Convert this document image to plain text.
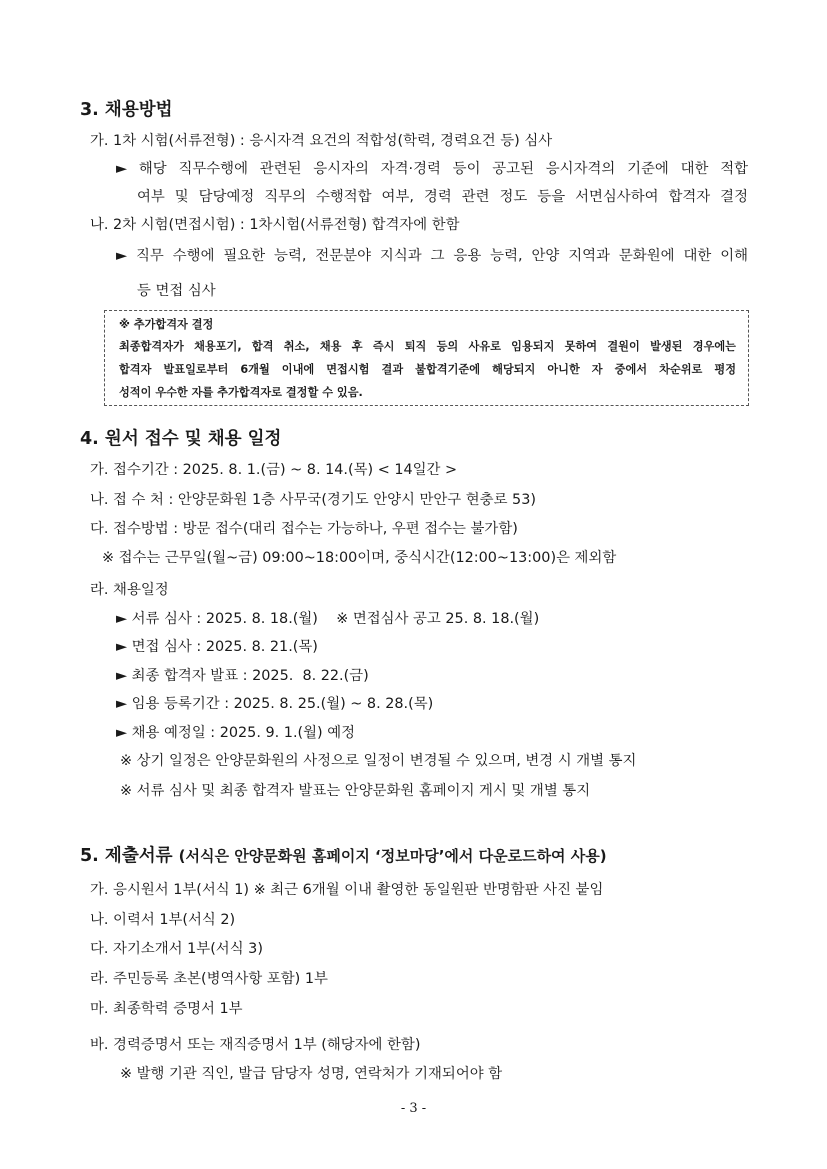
3. 채용방법
가. 1차 시험(서류전형) : 응시자격 요건의 적합성(학력, 경력요건 등) 심사
► 해당 직무수행에 관련된 응시자의 자격·경력 등이 공고된 응시자격의 기준에 대한 적합
여부 및 담당예정 직무의 수행적합 여부, 경력 관련 정도 등을 서면심사하여 합격자 결정
나. 2차 시험(면접시험) : 1차시험(서류전형) 합격자에 한함
► 직무 수행에 필요한 능력, 전문분야 지식과 그 응용 능력, 안양 지역과 문화원에 대한 이해
등 면접 심사
※ 추가합격자 결정
최종합격자가 채용포기, 합격 취소, 채용 후 즉시 퇴직 등의 사유로 임용되지 못하여 결원이 발생된 경우에는
합격자 발표일로부터 6개월 이내에 면접시험 결과 불합격기준에 해당되지 아니한 자 중에서 차순위로 평정
성적이 우수한 자를 추가합격자로 결정할 수 있음.
4. 원서 접수 및 채용 일정
가. 접수기간 : 2025. 8. 1.(금) ~ 8. 14.(목) < 14일간 >
나. 접 수 처 : 안양문화원 1층 사무국(경기도 안양시 만안구 현충로 53)
다. 접수방법 : 방문 접수(대리 접수는 가능하나, 우편 접수는 불가함)
※ 접수는 근무일(월~금) 09:00~18:00이며, 중식시간(12:00~13:00)은 제외함
라. 채용일정
► 서류 심사 : 2025. 8. 18.(월)    ※ 면접심사 공고 25. 8. 18.(월)
► 면접 심사 : 2025. 8. 21.(목)
► 최종 합격자 발표 : 2025.  8. 22.(금)
► 임용 등록기간 : 2025. 8. 25.(월) ~ 8. 28.(목)
► 채용 예정일 : 2025. 9. 1.(월) 예정
※ 상기 일정은 안양문화원의 사정으로 일정이 변경될 수 있으며, 변경 시 개별 통지
※ 서류 심사 및 최종 합격자 발표는 안양문화원 홈페이지 게시 및 개별 통지
5. 제출서류 (서식은 안양문화원 홈페이지 ‘정보마당’에서 다운로드하여 사용)
가. 응시원서 1부(서식 1) ※ 최근 6개월 이내 촬영한 동일원판 반명함판 사진 붙임
나. 이력서 1부(서식 2)
다. 자기소개서 1부(서식 3)
라. 주민등록 초본(병역사항 포함) 1부
마. 최종학력 증명서 1부
바. 경력증명서 또는 재직증명서 1부 (해당자에 한함)
※ 발행 기관 직인, 발급 담당자 성명, 연락처가 기재되어야 함
- 3 -
